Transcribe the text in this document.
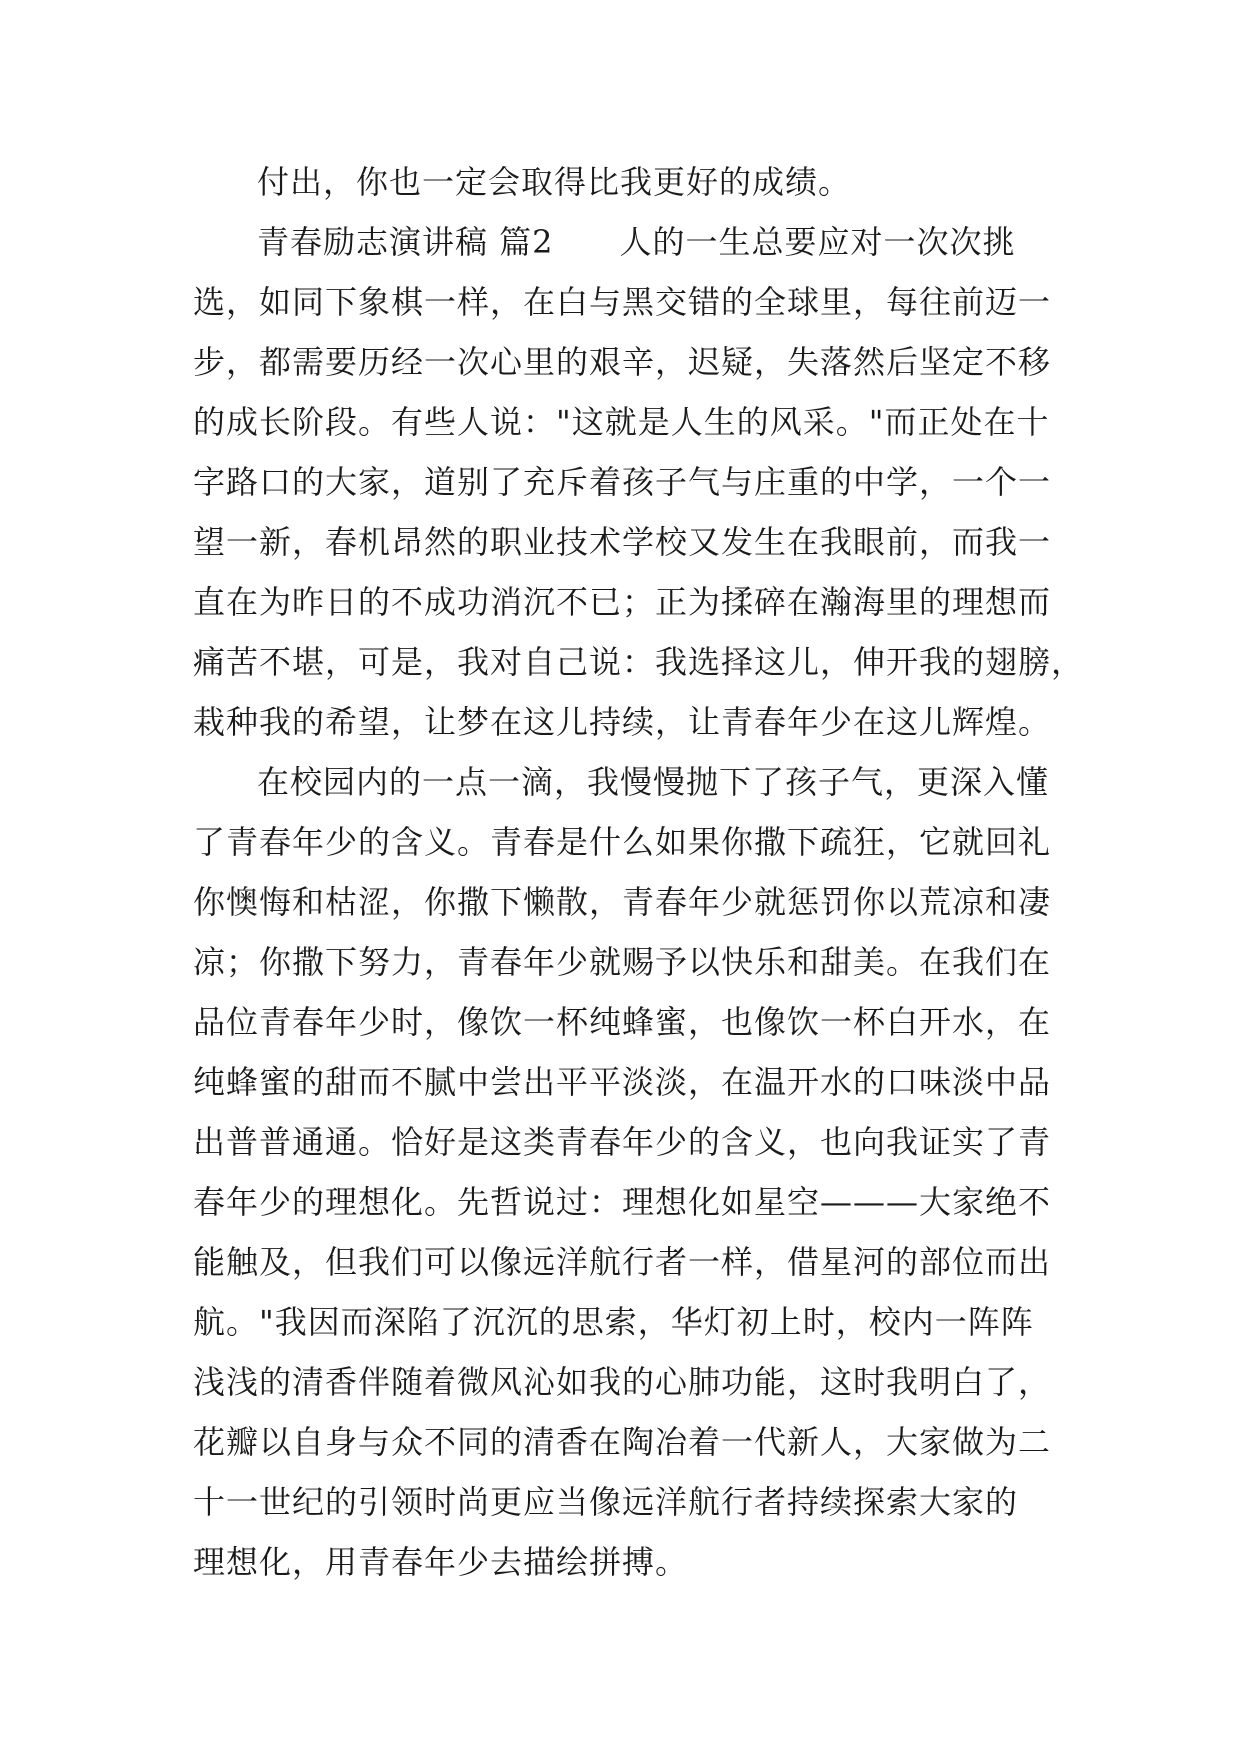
付出，你也一定会取得比我更好的成绩。
青春励志演讲稿 篇2　　人的一生总要应对一次次挑
选，如同下象棋一样，在白与黑交错的全球里，每往前迈一
步，都需要历经一次心里的艰辛，迟疑，失落然后坚定不移
的成长阶段。有些人说："这就是人生的风采。"而正处在十
字路口的大家，道别了充斥着孩子气与庄重的中学，一个一
望一新，春机昂然的职业技术学校又发生在我眼前，而我一
直在为昨日的不成功消沉不已；正为揉碎在瀚海里的理想而
痛苦不堪，可是，我对自己说：我选择这儿，伸开我的翅膀，
栽种我的希望，让梦在这儿持续，让青春年少在这儿辉煌。
在校园内的一点一滴，我慢慢抛下了孩子气，更深入懂
了青春年少的含义。青春是什么如果你撒下疏狂，它就回礼
你懊悔和枯涩，你撒下懒散，青春年少就惩罚你以荒凉和凄
凉；你撒下努力，青春年少就赐予以快乐和甜美。在我们在
品位青春年少时，像饮一杯纯蜂蜜，也像饮一杯白开水，在
纯蜂蜜的甜而不腻中尝出平平淡淡，在温开水的口味淡中品
出普普通通。恰好是这类青春年少的含义，也向我证实了青
春年少的理想化。先哲说过：理想化如星空———大家绝不
能触及，但我们可以像远洋航行者一样，借星河的部位而出
航。"我因而深陷了沉沉的思索，华灯初上时，校内一阵阵
浅浅的清香伴随着微风沁如我的心肺功能，这时我明白了，
花瓣以自身与众不同的清香在陶冶着一代新人，大家做为二
十一世纪的引领时尚更应当像远洋航行者持续探索大家的
理想化，用青春年少去描绘拼搏。
